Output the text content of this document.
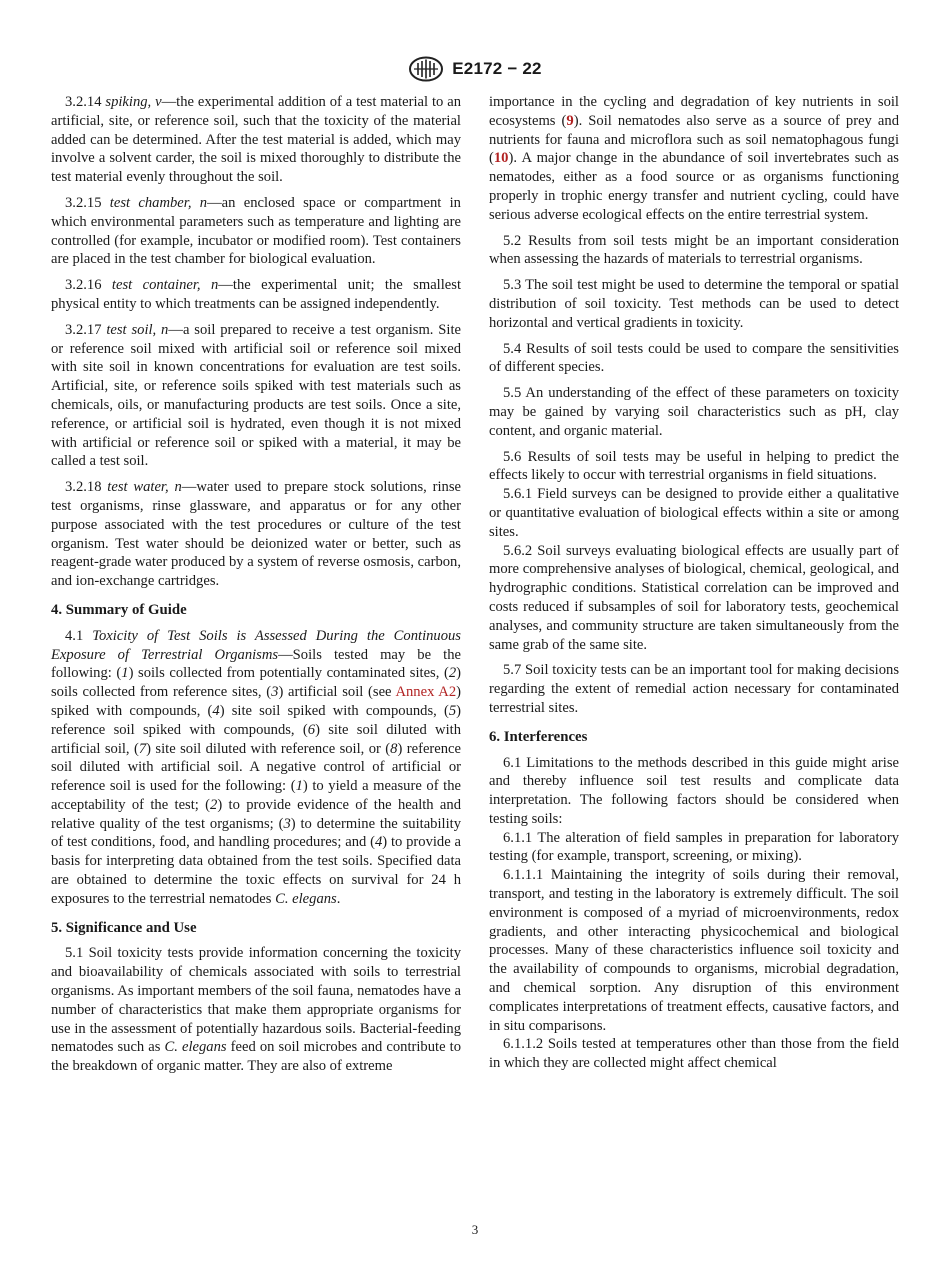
E2172 − 22

3.2.14 spiking, v—the experimental addition of a test material to an artificial, site, or reference soil, such that the toxicity of the material added can be determined. After the test material is added, which may involve a solvent carder, the soil is mixed thoroughly to distribute the test material evenly throughout the soil.

3.2.15 test chamber, n—an enclosed space or compartment in which environmental parameters such as temperature and lighting are controlled (for example, incubator or modified room). Test containers are placed in the test chamber for biological evaluation.

3.2.16 test container, n—the experimental unit; the smallest physical entity to which treatments can be assigned independently.

3.2.17 test soil, n—a soil prepared to receive a test organism. Site or reference soil mixed with artificial soil or reference soil mixed with site soil in known concentrations for evaluation are test soils. Artificial, site, or reference soils spiked with test materials such as chemicals, oils, or manufacturing products are test soils. Once a site, reference, or artificial soil is hydrated, even though it is not mixed with artificial or reference soil or spiked with a material, it may be called a test soil.

3.2.18 test water, n—water used to prepare stock solutions, rinse test organisms, rinse glassware, and apparatus or for any other purpose associated with the test procedures or culture of the test organism. Test water should be deionized water or better, such as reagent-grade water produced by a system of reverse osmosis, carbon, and ion-exchange cartridges.

4. Summary of Guide

4.1 Toxicity of Test Soils is Assessed During the Continuous Exposure of Terrestrial Organisms—Soils tested may be the following: (1) soils collected from potentially contaminated sites, (2) soils collected from reference sites, (3) artificial soil (see Annex A2) spiked with compounds, (4) site soil spiked with compounds, (5) reference soil spiked with compounds, (6) site soil diluted with artificial soil, (7) site soil diluted with reference soil, or (8) reference soil diluted with artificial soil. A negative control of artificial or reference soil is used for the following: (1) to yield a measure of the acceptability of the test; (2) to provide evidence of the health and relative quality of the test organisms; (3) to determine the suitability of test conditions, food, and handling procedures; and (4) to provide a basis for interpreting data obtained from the test soils. Specified data are obtained to determine the toxic effects on survival for 24 h exposures to the terrestrial nematodes C. elegans.

5. Significance and Use

5.1 Soil toxicity tests provide information concerning the toxicity and bioavailability of chemicals associated with soils to terrestrial organisms. As important members of the soil fauna, nematodes have a number of characteristics that make them appropriate organisms for use in the assessment of potentially hazardous soils. Bacterial-feeding nematodes such as C. elegans feed on soil microbes and contribute to the breakdown of organic matter. They are also of extreme

importance in the cycling and degradation of key nutrients in soil ecosystems (9). Soil nematodes also serve as a source of prey and nutrients for fauna and microflora such as soil nematophagous fungi (10). A major change in the abundance of soil invertebrates such as nematodes, either as a food source or as organisms functioning properly in trophic energy transfer and nutrient cycling, could have serious adverse ecological effects on the entire terrestrial system.

5.2 Results from soil tests might be an important consideration when assessing the hazards of materials to terrestrial organisms.

5.3 The soil test might be used to determine the temporal or spatial distribution of soil toxicity. Test methods can be used to detect horizontal and vertical gradients in toxicity.

5.4 Results of soil tests could be used to compare the sensitivities of different species.

5.5 An understanding of the effect of these parameters on toxicity may be gained by varying soil characteristics such as pH, clay content, and organic material.

5.6 Results of soil tests may be useful in helping to predict the effects likely to occur with terrestrial organisms in field situations.

5.6.1 Field surveys can be designed to provide either a qualitative or quantitative evaluation of biological effects within a site or among sites.

5.6.2 Soil surveys evaluating biological effects are usually part of more comprehensive analyses of biological, chemical, geological, and hydrographic conditions. Statistical correlation can be improved and costs reduced if subsamples of soil for laboratory tests, geochemical analyses, and community structure are taken simultaneously from the same grab of the same site.

5.7 Soil toxicity tests can be an important tool for making decisions regarding the extent of remedial action necessary for contaminated terrestrial sites.

6. Interferences

6.1 Limitations to the methods described in this guide might arise and thereby influence soil test results and complicate data interpretation. The following factors should be considered when testing soils:

6.1.1 The alteration of field samples in preparation for laboratory testing (for example, transport, screening, or mixing).

6.1.1.1 Maintaining the integrity of soils during their removal, transport, and testing in the laboratory is extremely difficult. The soil environment is composed of a myriad of microenvironments, redox gradients, and other interacting physicochemical and biological processes. Many of these characteristics influence soil toxicity and the availability of compounds to organisms, microbial degradation, and chemical sorption. Any disruption of this environment complicates interpretations of treatment effects, causative factors, and in situ comparisons.

6.1.1.2 Soils tested at temperatures other than those from the field in which they are collected might affect chemical

3
